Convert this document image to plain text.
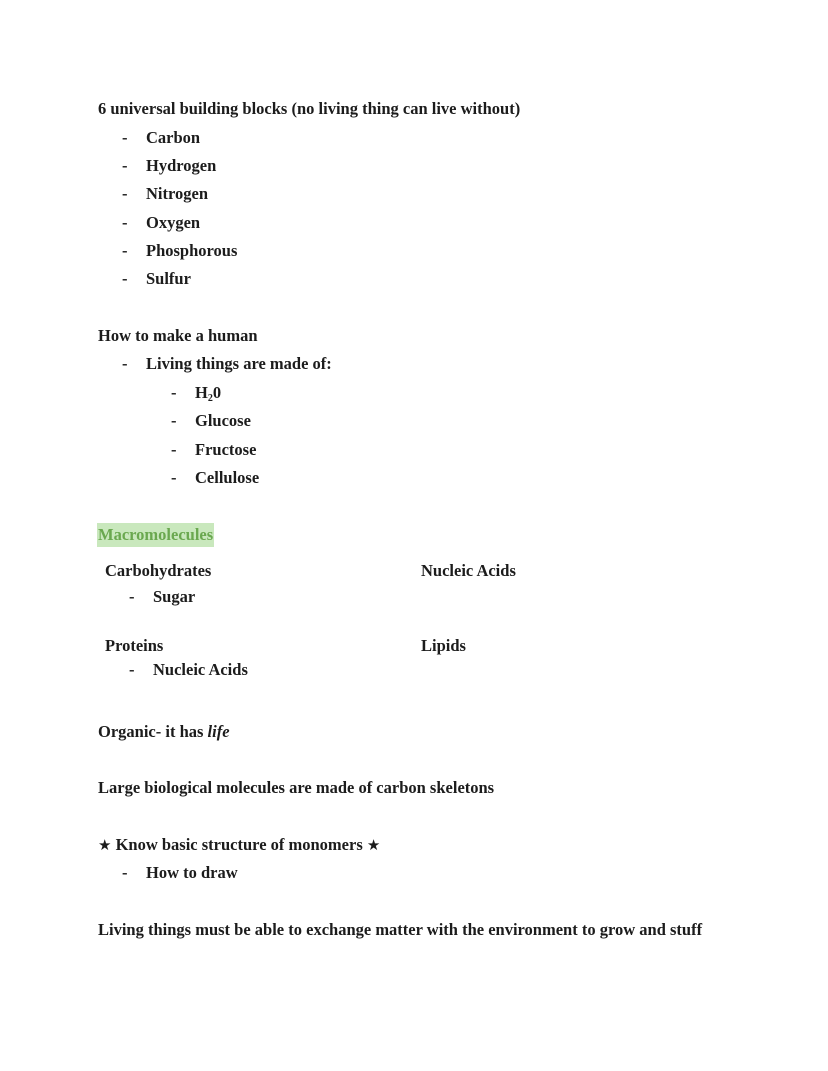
6 universal building blocks (no living thing can live without)
- Carbon
- Hydrogen
- Nitrogen
- Oxygen
- Phosphorous
- Sulfur
How to make a human
- Living things are made of:
- $H_20$
- Glucose
- Fructose
- Cellulose
Macromolecules
Carbohydrates	Nucleic Acids
- Sugar
Proteins	Lipids
- Nucleic Acids
Organic- it has life
Large biological molecules are made of carbon skeletons
★ Know basic structure of monomers ★
- How to draw
Living things must be able to exchange matter with the environment to grow and stuff
